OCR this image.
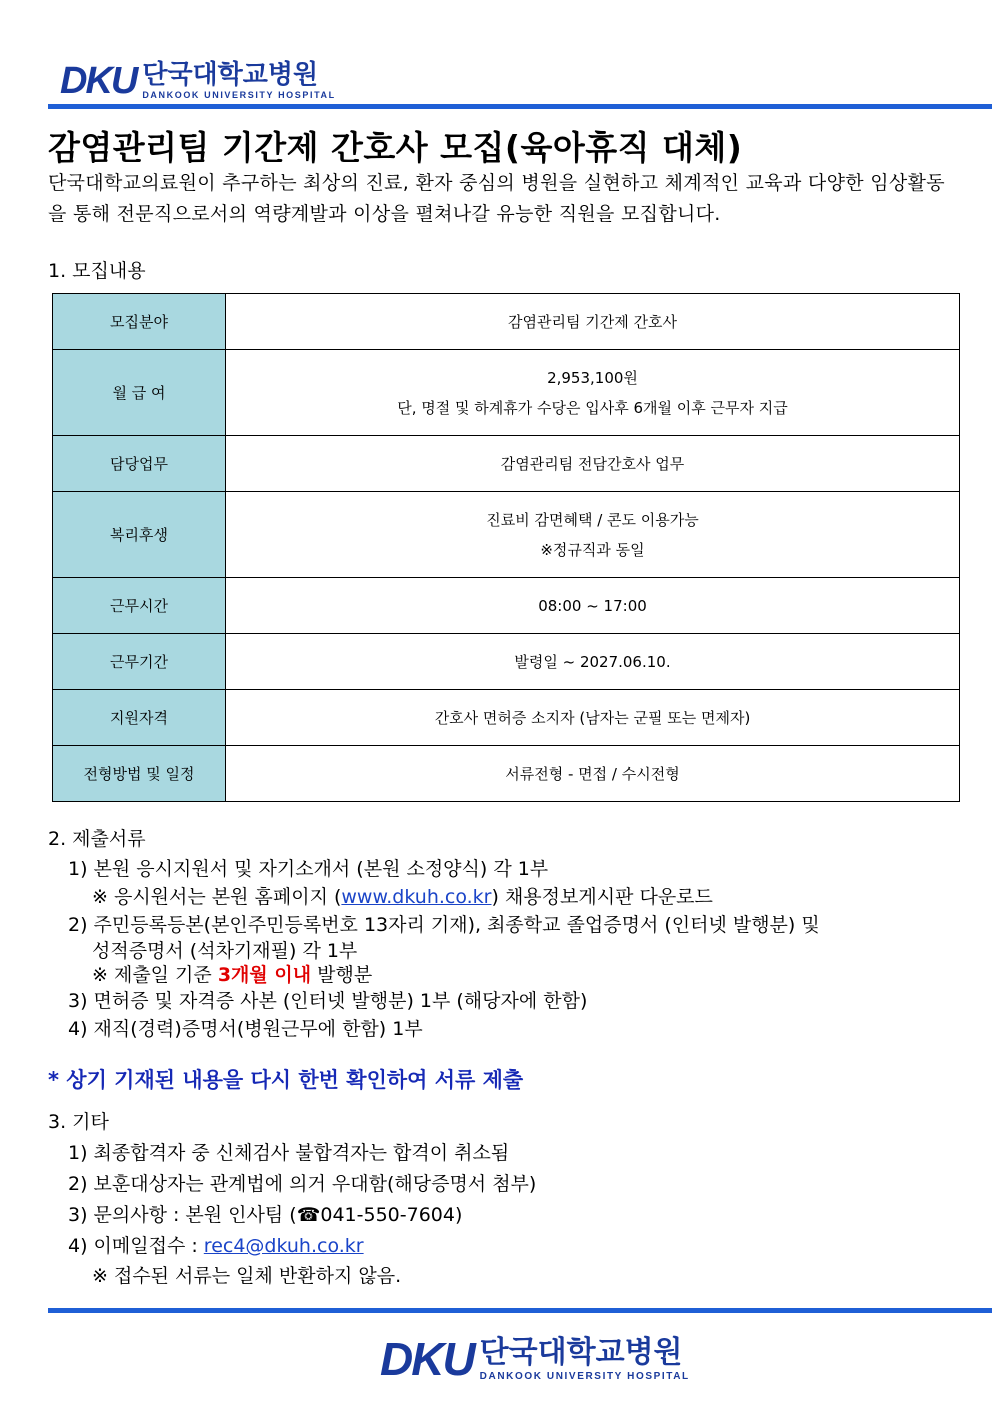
DKU 단국대학교병원
DANKOOK UNIVERSITY HOSPITAL
감염관리팀 기간제 간호사 모집(육아휴직 대체)
단국대학교의료원이 추구하는 최상의 진료, 환자 중심의 병원을 실현하고 체계적인 교육과 다양한 임상활동을 통해 전문직으로서의 역량계발과 이상을 펼쳐나갈 유능한 직원을 모집합니다.
1. 모집내용
모집분야	감염관리팀 기간제 간호사

월 급 여	2,953,100원
단, 명절 및 하계휴가 수당은 입사후 6개월 이후 근무자 지급

담당업무	감염관리팀 전담간호사 업무

복리후생	진료비 감면혜택 / 콘도 이용가능
※정규직과 동일

근무시간	08:00 ~ 17:00

근무기간	발령일 ~ 2027.06.10.

지원자격	간호사 면허증 소지자 (남자는 군필 또는 면제자)

전형방법 및 일정	서류전형 - 면접 / 수시전형
2. 제출서류
1) 본원 응시지원서 및 자기소개서 (본원 소정양식) 각 1부
※ 응시원서는 본원 홈페이지 (www.dkuh.co.kr) 채용정보게시판 다운로드
2) 주민등록등본(본인주민등록번호 13자리 기재), 최종학교 졸업증명서 (인터넷 발행분) 및
성적증명서 (석차기재필) 각 1부
※ 제출일 기준 3개월 이내 발행분
3) 면허증 및 자격증 사본 (인터넷 발행분) 1부 (해당자에 한함)
4) 재직(경력)증명서(병원근무에 한함) 1부
* 상기 기재된 내용을 다시 한번 확인하여 서류 제출
3. 기타
1) 최종합격자 중 신체검사 불합격자는 합격이 취소됨
2) 보훈대상자는 관계법에 의거 우대함(해당증명서 첨부)
3) 문의사항 : 본원 인사팀 (☎041-550-7604)
4) 이메일접수 : rec4@dkuh.co.kr
※ 접수된 서류는 일체 반환하지 않음.
DKU 단국대학교병원
DANKOOK UNIVERSITY HOSPITAL
